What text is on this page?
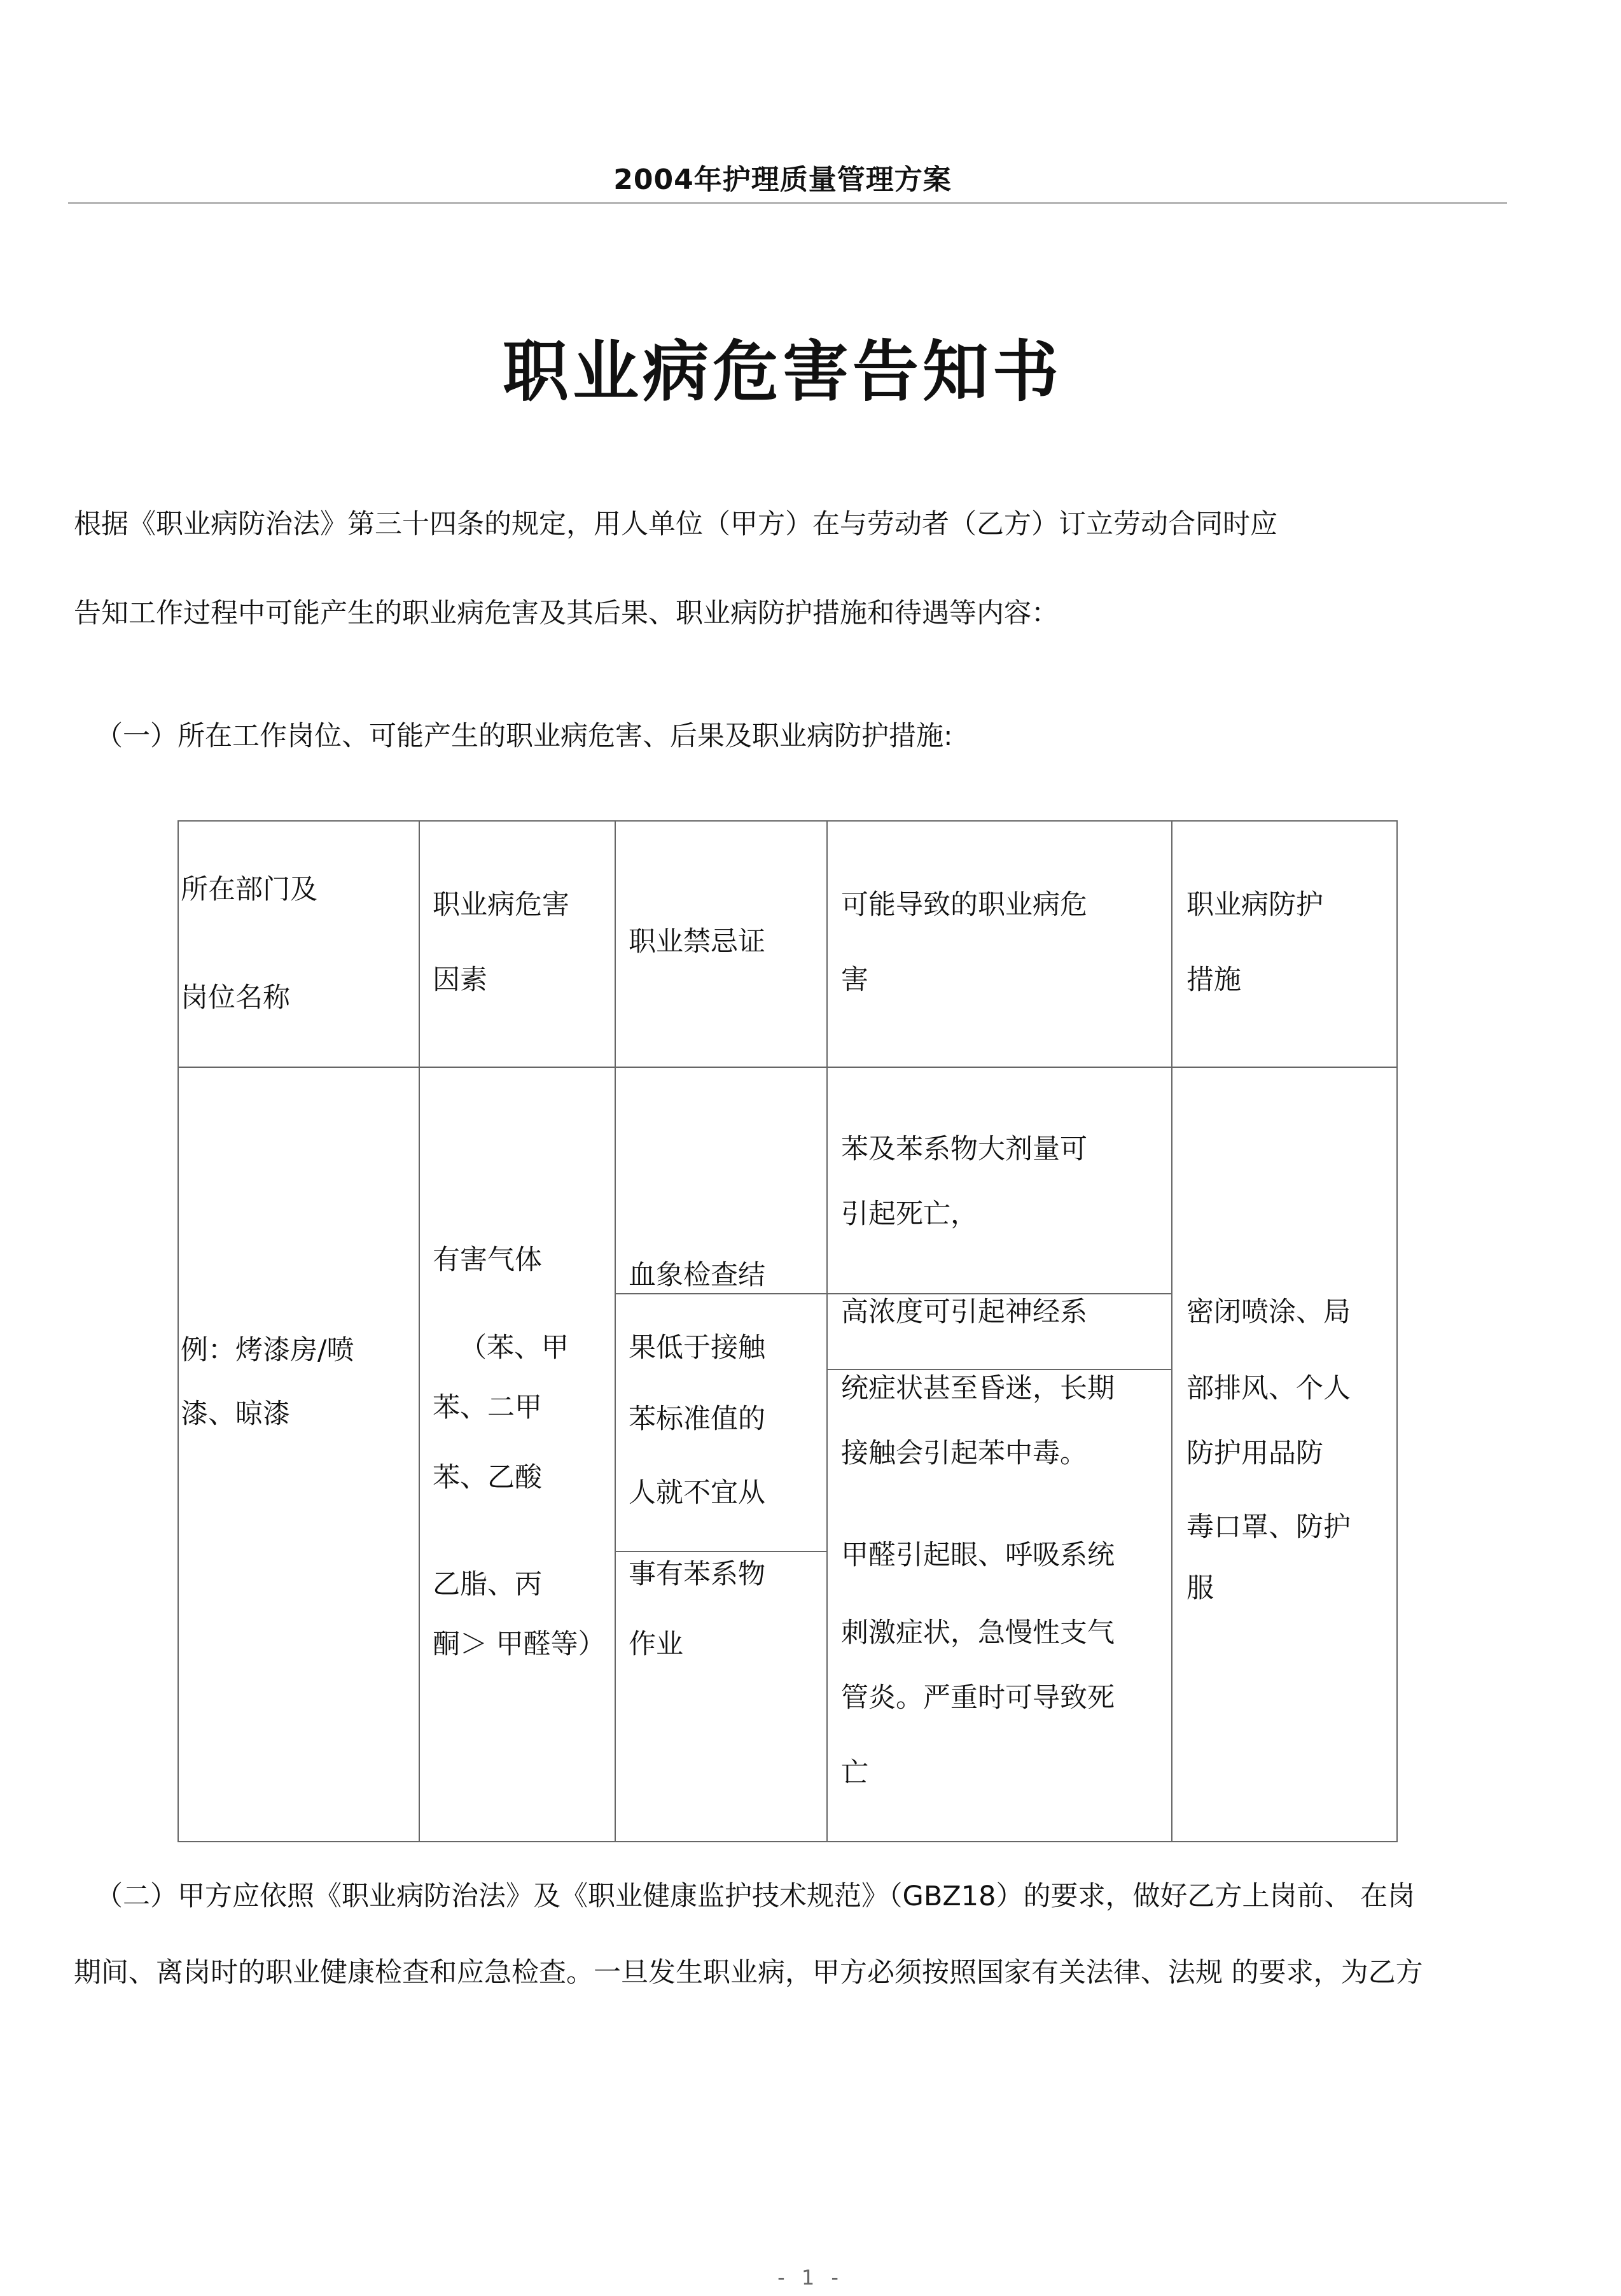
2004年护理质量管理方案
职业病危害告知书
根据《职业病防治法》第三十四条的规定，用人单位（甲方）在与劳动者（乙方）订立劳动合同时应
告知工作过程中可能产生的职业病危害及其后果、职业病防护措施和待遇等内容：
（一）所在工作岗位、可能产生的职业病危害、后果及职业病防护措施:
所在部门及
岗位名称
职业病危害
因素
职业禁忌证
可能导致的职业病危
害
职业病防护
措施
例：烤漆房/喷
漆、晾漆
有害气体
（苯、甲
苯、二甲
苯、乙酸
乙脂、丙
酮＞ 甲醛等）
血象检查结
果低于接触
苯标准值的
人就不宜从
事有苯系物
作业
苯及苯系物大剂量可
引起死亡，
高浓度可引起神经系
统症状甚至昏迷，长期
接触会引起苯中毒。
甲醛引起眼、呼吸系统
刺激症状，急慢性支气
管炎。严重时可导致死
亡
密闭喷涂、局
部排风、个人
防护用品防
毒口罩、防护
服
（二）甲方应依照《职业病防治法》及《职业健康监护技术规范》（GBZ18）的要求，做好乙方上岗前、 在岗
期间、离岗时的职业健康检查和应急检查。一旦发生职业病，甲方必须按照国家有关法律、法规 的要求，为乙方
- 1 -
